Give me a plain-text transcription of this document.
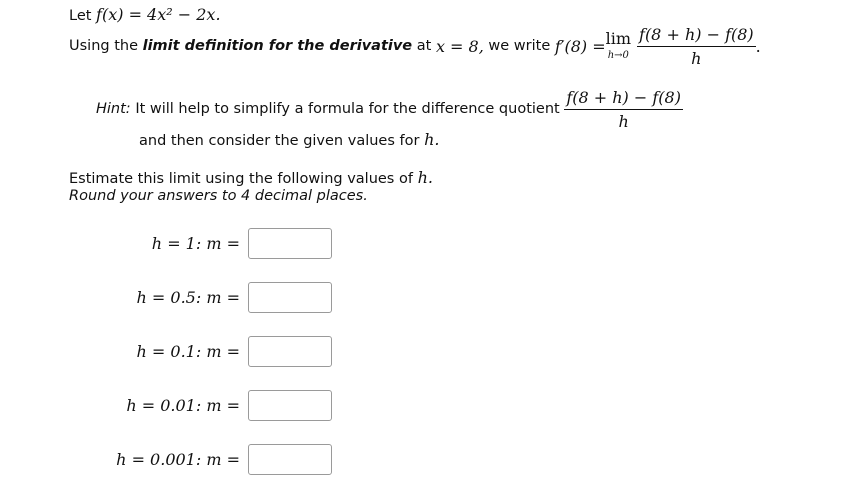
Let f(x) = 4x² − 2x.
Using the
limit definition for the derivative
at
x = 8,
we write
f′(8) = lim
$h\to 0 \frac{f(8 + h) - f(8)}{h}$ .
Hint:
It will help to simplify a formula for the difference quotient
$\frac{f(8 + h) - f(8)}{h}$
and then consider the given values for h.
Estimate this limit using the following values of h.
Round your answers to 4 decimal places.
h = 1: m =
h = 0.5: m =
h = 0.1: m =
h = 0.01: m =
h = 0.001: m =
